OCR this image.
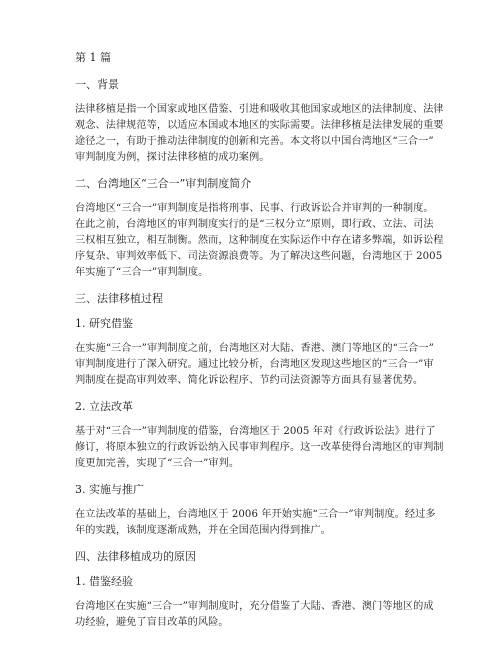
第 1 篇
一、背景
法律移植是指一个国家或地区借鉴、引进和吸收其他国家或地区的法律制度、法律
观念、法律规范等，以适应本国或本地区的实际需要。法律移植是法律发展的重要
途径之一，有助于推动法律制度的创新和完善。本文将以中国台湾地区“三合一”
审判制度为例，探讨法律移植的成功案例。
二、台湾地区“三合一”审判制度简介
台湾地区“三合一”审判制度是指将刑事、民事、行政诉讼合并审判的一种制度。
在此之前，台湾地区的审判制度实行的是“三权分立”原则，即行政、立法、司法
三权相互独立，相互制衡。然而，这种制度在实际运作中存在诸多弊端，如诉讼程
序复杂、审判效率低下、司法资源浪费等。为了解决这些问题，台湾地区于 2005
年实施了“三合一”审判制度。
三、法律移植过程
1. 研究借鉴
在实施“三合一”审判制度之前，台湾地区对大陆、香港、澳门等地区的“三合一”
审判制度进行了深入研究。通过比较分析，台湾地区发现这些地区的“三合一”审
判制度在提高审判效率、简化诉讼程序、节约司法资源等方面具有显著优势。
2. 立法改革
基于对“三合一”审判制度的借鉴，台湾地区于 2005 年对《行政诉讼法》进行了
修订，将原本独立的行政诉讼纳入民事审判程序。这一改革使得台湾地区的审判制
度更加完善，实现了“三合一”审判。
3. 实施与推广
在立法改革的基础上，台湾地区于 2006 年开始实施“三合一”审判制度。经过多
年的实践，该制度逐渐成熟，并在全国范围内得到推广。
四、法律移植成功的原因
1. 借鉴经验
台湾地区在实施“三合一”审判制度时，充分借鉴了大陆、香港、澳门等地区的成
功经验，避免了盲目改革的风险。
